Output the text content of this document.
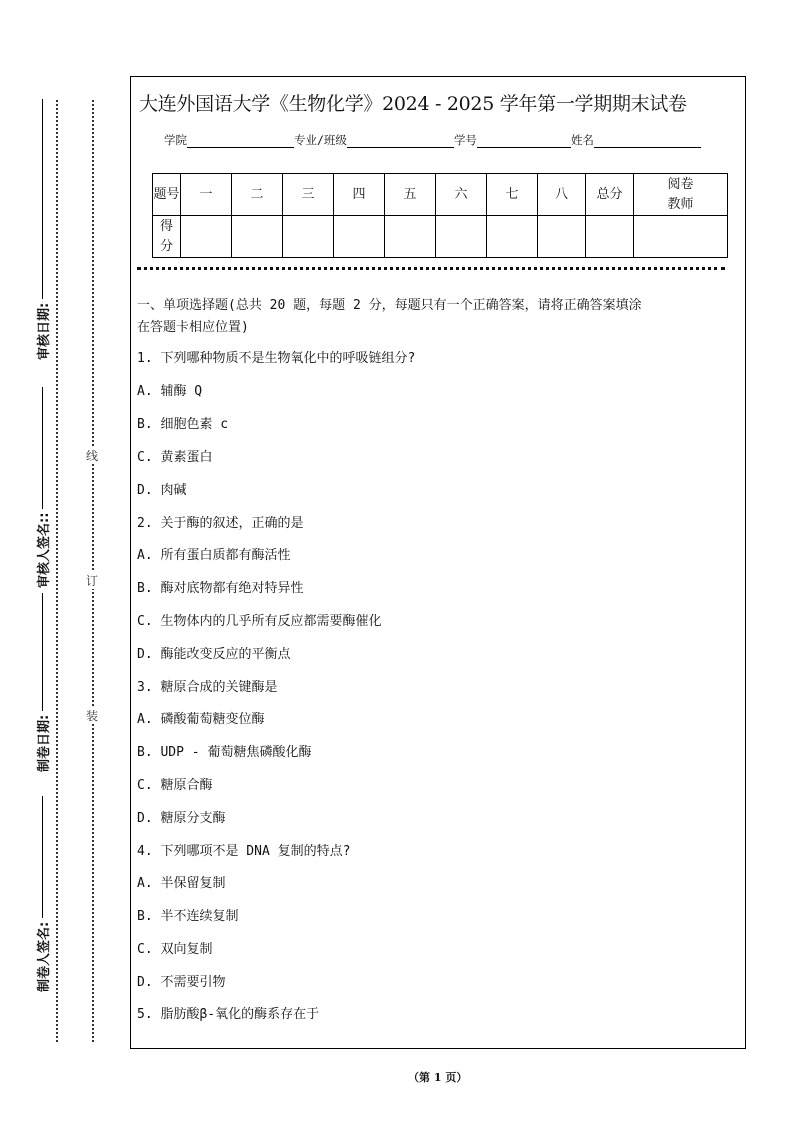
审核日期:
审核人签名::
制卷日期:
制卷人签名:
线
订
装
大连外国语大学《生物化学》2024 - 2025 学年第一学期期末试卷
学院	专业/班级	学号	姓名
题号	一	二	三	四	五	六	七	八	总分	阅卷教师
得分										
一、单项选择题(总共 20 题，每题 2 分，每题只有一个正确答案，请将正确答案填涂
在答题卡相应位置)
1. 下列哪种物质不是生物氧化中的呼吸链组分?
A. 辅酶 Q
B. 细胞色素 c
C. 黄素蛋白
D. 肉碱
2. 关于酶的叙述，正确的是
A. 所有蛋白质都有酶活性
B. 酶对底物都有绝对特异性
C. 生物体内的几乎所有反应都需要酶催化
D. 酶能改变反应的平衡点
3. 糖原合成的关键酶是
A. 磷酸葡萄糖变位酶
B. UDP - 葡萄糖焦磷酸化酶
C. 糖原合酶
D. 糖原分支酶
4. 下列哪项不是 DNA 复制的特点?
A. 半保留复制
B. 半不连续复制
C. 双向复制
D. 不需要引物
5. 脂肪酸β-氧化的酶系存在于
（第 1 页）
